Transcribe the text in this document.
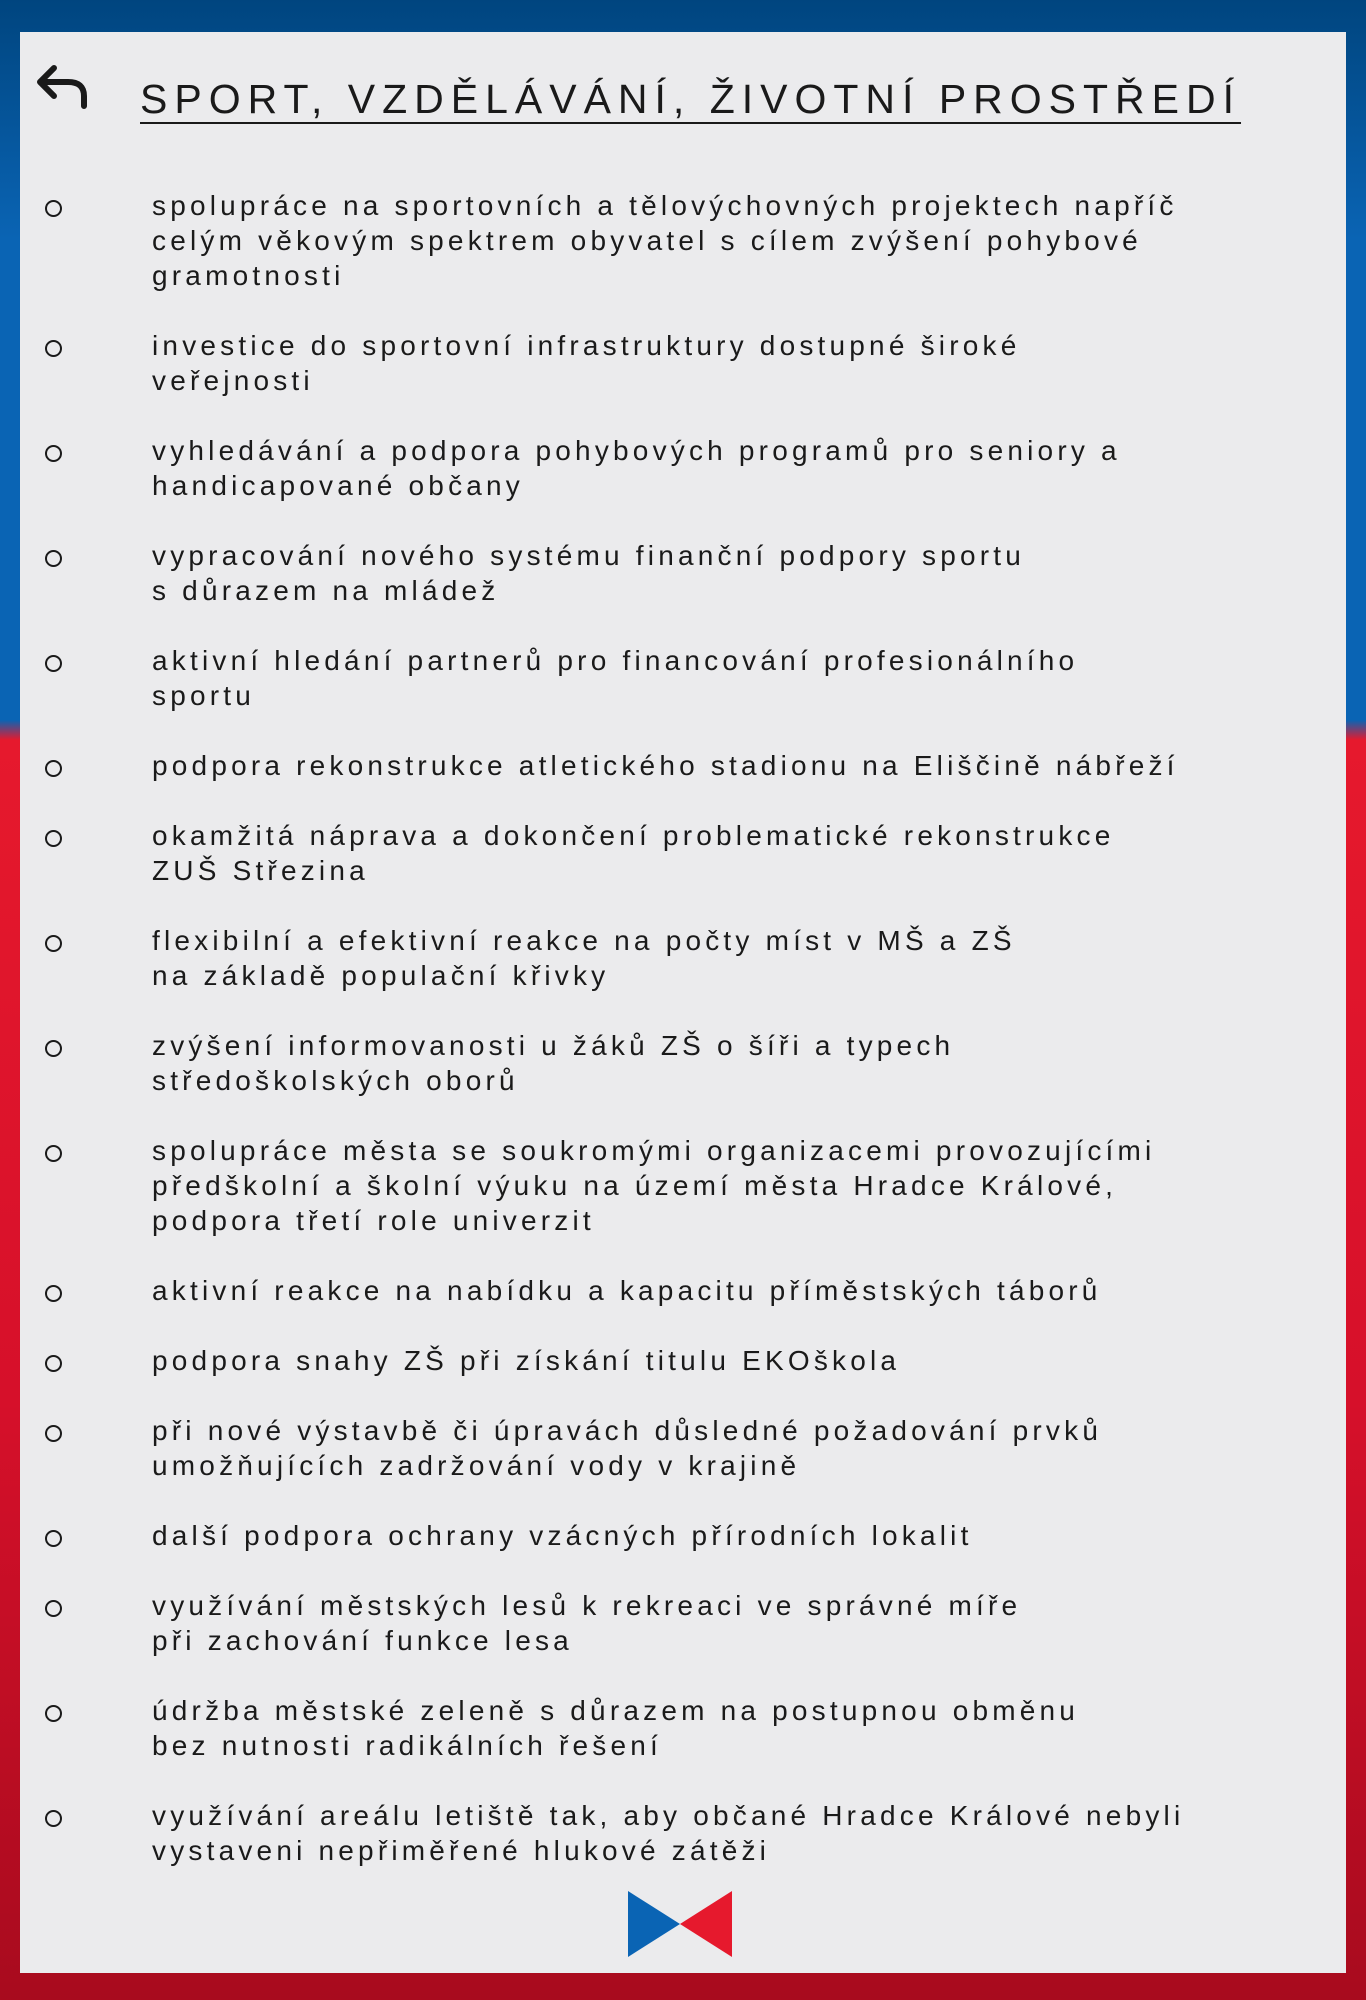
SPORT, VZDĚLÁVÁNÍ, ŽIVOTNÍ PROSTŘEDÍ
spolupráce na sportovních a tělovýchovných projektech napříč
celým věkovým spektrem obyvatel s cílem zvýšení pohybové
gramotnosti
investice do sportovní infrastruktury dostupné široké
veřejnosti
vyhledávání a podpora pohybových programů pro seniory a
handicapované občany
vypracování nového systému finanční podpory sportu
s důrazem na mládež
aktivní hledání partnerů pro financování profesionálního
sportu
podpora rekonstrukce atletického stadionu na Eliščině nábřeží
okamžitá náprava a dokončení problematické rekonstrukce
ZUŠ Střezina
flexibilní a efektivní reakce na počty míst v MŠ a ZŠ
na základě populační křivky
zvýšení informovanosti u žáků ZŠ o šíři a typech
středoškolských oborů
spolupráce města se soukromými organizacemi provozujícími
předškolní a školní výuku na území města Hradce Králové,
podpora třetí role univerzit
aktivní reakce na nabídku a kapacitu příměstských táborů
podpora snahy ZŠ při získání titulu EKOškola
při nové výstavbě či úpravách důsledné požadování prvků
umožňujících zadržování vody v krajině
další podpora ochrany vzácných přírodních lokalit
využívání městských lesů k rekreaci ve správné míře
při zachování funkce lesa
údržba městské zeleně s důrazem na postupnou obměnu
bez nutnosti radikálních řešení
využívání areálu letiště tak, aby občané Hradce Králové nebyli
vystaveni nepřiměřené hlukové zátěži
